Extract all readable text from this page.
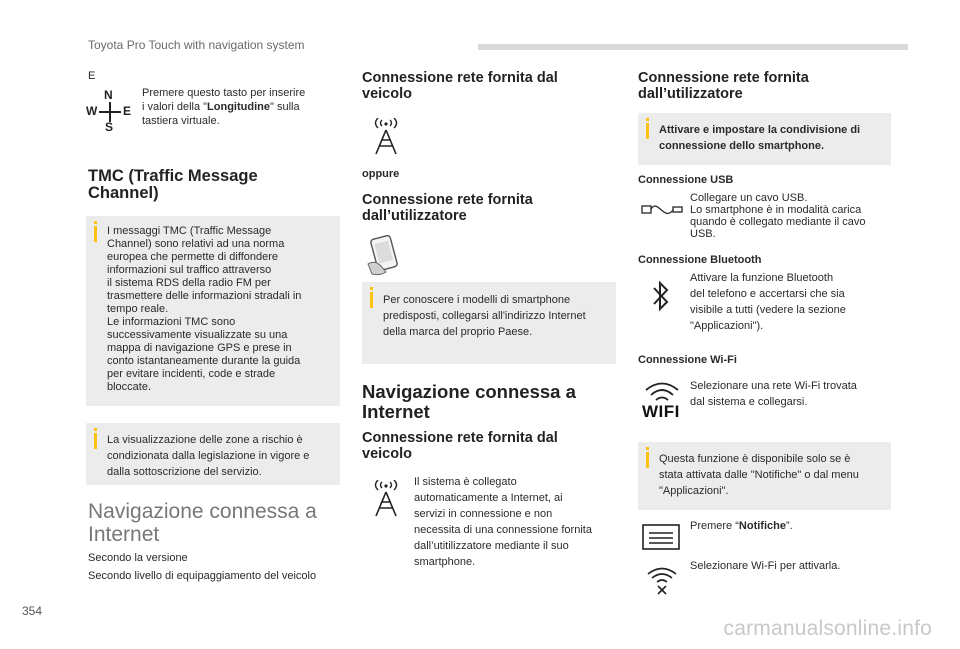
Toyota Pro Touch with navigation system
E
N
W E
S
Premere questo tasto per inserire
i valori della "Longitudine" sulla
tastiera virtuale.
TMC (Traffic Message
Channel)
I messaggi TMC (Traffic Message
Channel) sono relativi ad una norma
europea che permette di diffondere
informazioni sul traffico attraverso
il sistema RDS della radio FM per
trasmettere delle informazioni stradali in
tempo reale.
Le informazioni TMC sono
successivamente visualizzate su una
mappa di navigazione GPS e prese in
conto istantaneamente durante la guida
per evitare incidenti, code e strade
bloccate.
La visualizzazione delle zone a rischio è
condizionata dalla legislazione in vigore e
dalla sottoscrizione del servizio.
Navigazione connessa a
Internet
Secondo la versione
Secondo livello di equipaggiamento del veicolo
Connessione rete fornita dal
veicolo
oppure
Connessione rete fornita
dall’utilizzatore
Per conoscere i modelli di smartphone
predisposti, collegarsi all'indirizzo Internet
della marca del proprio Paese.
Navigazione connessa a
Internet
Connessione rete fornita dal
veicolo
Il sistema è collegato
automaticamente a Internet, ai
servizi in connessione e non
necessita di una connessione fornita
dall’utitilizzatore mediante il suo
smartphone.
Connessione rete fornita
dall’utilizzatore
Attivare e impostare la condivisione di
connessione dello smartphone.
Connessione USB
Collegare un cavo USB.
Lo smartphone è in modalità carica
quando è collegato mediante il cavo
USB.
Connessione Bluetooth
Attivare la funzione Bluetooth
del telefono e accertarsi che sia
visibile a tutti (vedere la sezione
"Applicazioni").
Connessione Wi-Fi
WIFI
Selezionare una rete Wi-Fi trovata
dal sistema e collegarsi.
Questa funzione è disponibile solo se è
stata attivata dalle "Notifiche" o dal menu
"Applicazioni".
Premere “Notifiche”.
Selezionare Wi-Fi per attivarla.
354
carmanualsonline.info
